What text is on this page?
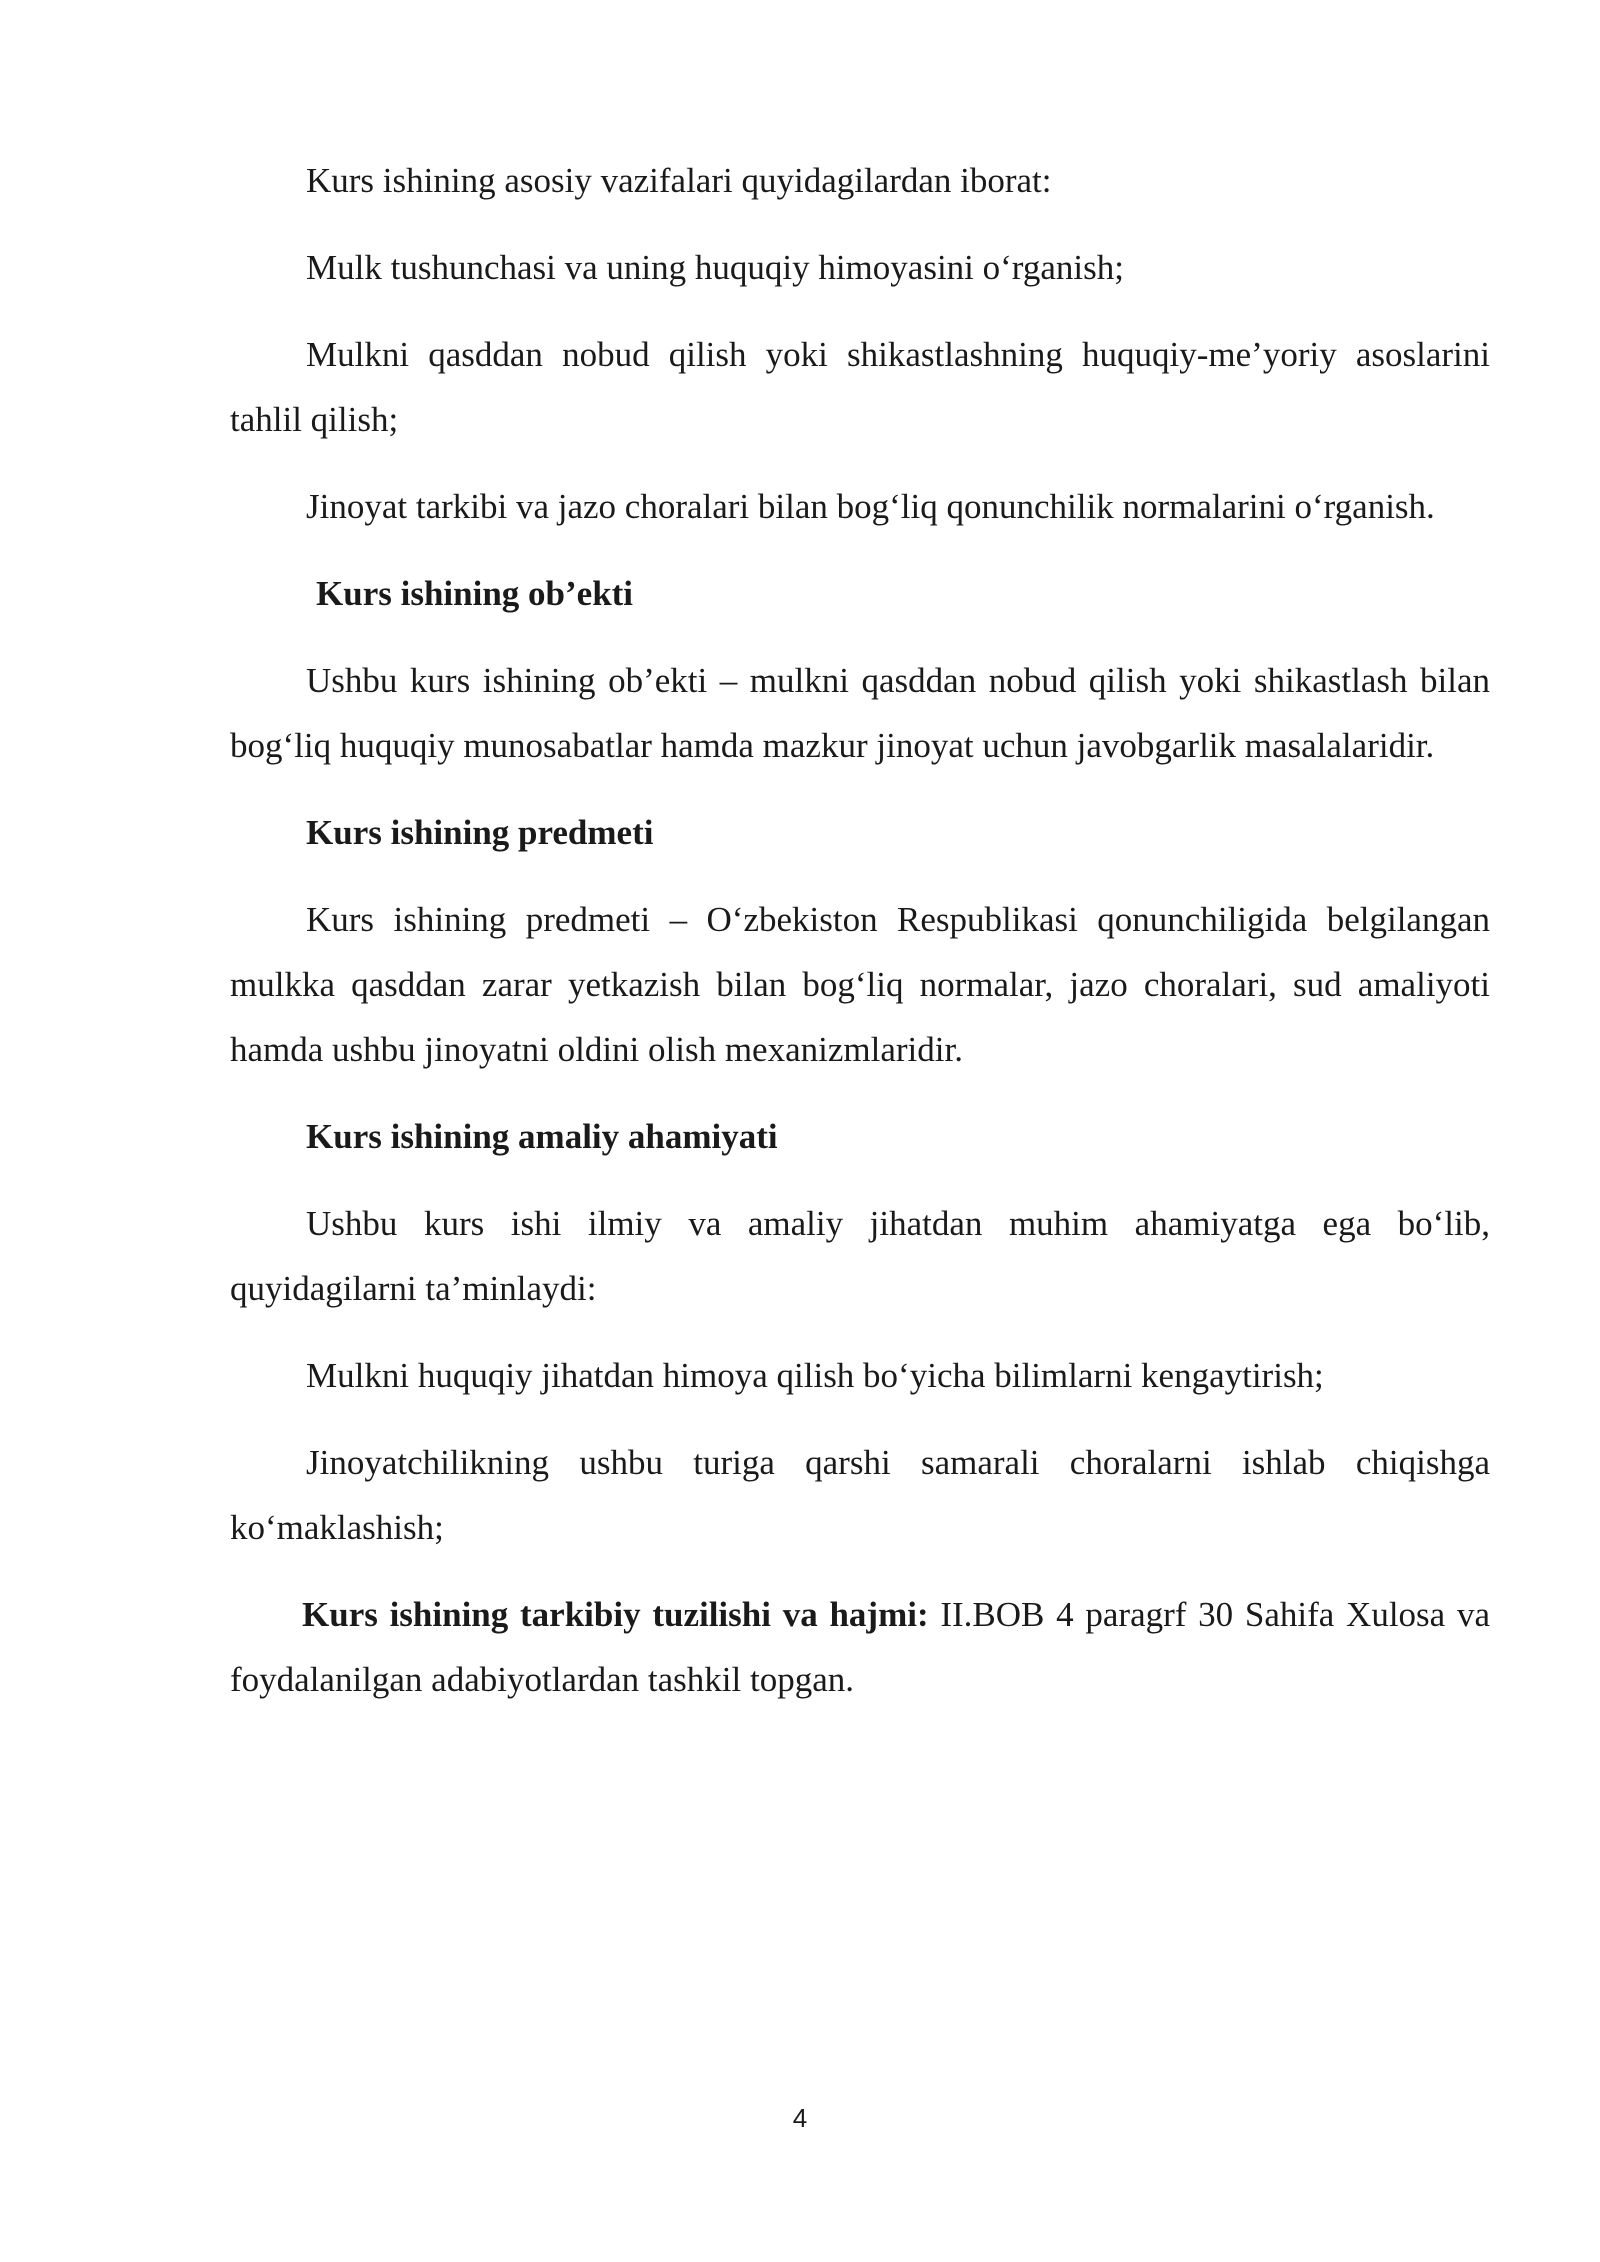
Kurs ishining asosiy vazifalari quyidagilardan iborat:

Mulk tushunchasi va uning huquqiy himoyasini o‘rganish;

Mulkni qasddan nobud qilish yoki shikastlashning huquqiy-me’yoriy asoslarini tahlil qilish;

Jinoyat tarkibi va jazo choralari bilan bog‘liq qonunchilik normalarini o‘rganish.

Kurs ishining ob’ekti

Ushbu kurs ishining ob’ekti – mulkni qasddan nobud qilish yoki shikastlash bilan bog‘liq huquqiy munosabatlar hamda mazkur jinoyat uchun javobgarlik masalalaridir.

Kurs ishining predmeti

Kurs ishining predmeti – O‘zbekiston Respublikasi qonunchiligida belgilangan mulkka qasddan zarar yetkazish bilan bog‘liq normalar, jazo choralari, sud amaliyoti hamda ushbu jinoyatni oldini olish mexanizmlaridir.

Kurs ishining amaliy ahamiyati

Ushbu kurs ishi ilmiy va amaliy jihatdan muhim ahamiyatga ega bo‘lib, quyidagilarni ta’minlaydi:

Mulkni huquqiy jihatdan himoya qilish bo‘yicha bilimlarni kengaytirish;

Jinoyatchilikning ushbu turiga qarshi samarali choralarni ishlab chiqishga ko‘maklashish;

Kurs ishining tarkibiy tuzilishi va hajmi: II.BOB 4 paragrf 30 Sahifa Xulosa va foydalanilgan adabiyotlardan tashkil topgan.

4
